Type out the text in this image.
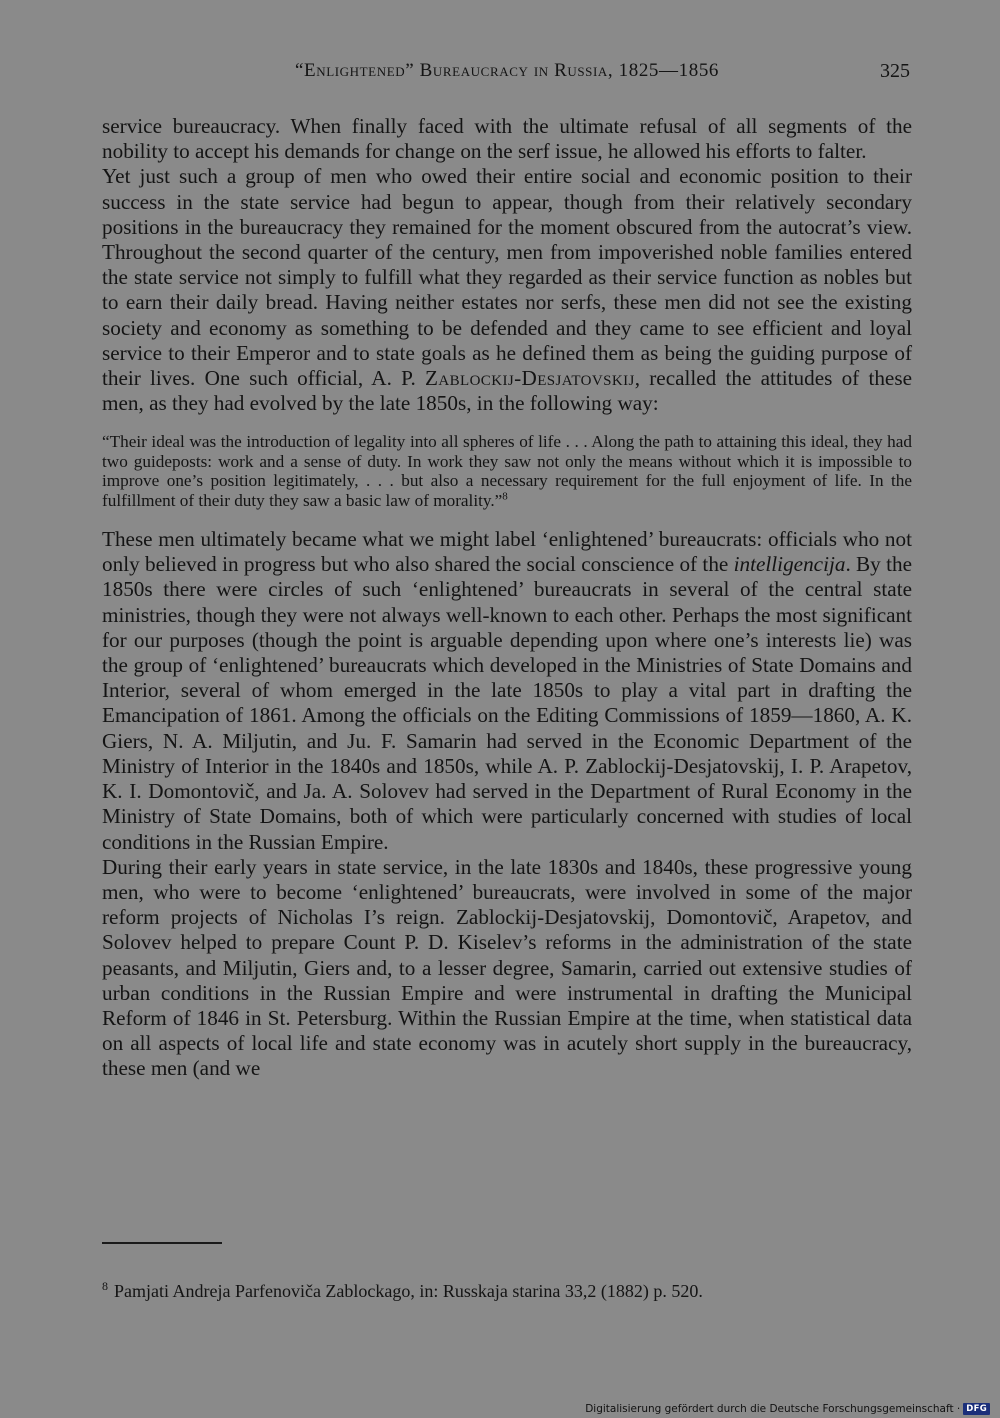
“Enlightened” Bureaucracy in Russia, 1825—1856	325

service bureaucracy. When finally faced with the ultimate refusal of all segments of the nobility to accept his demands for change on the serf issue, he allowed his efforts to falter.

Yet just such a group of men who owed their entire social and economic position to their success in the state service had begun to appear, though from their relatively secondary positions in the bureaucracy they remained for the moment obscured from the autocrat’s view. Throughout the second quarter of the century, men from impoverished noble families entered the state service not simply to fulfill what they regarded as their service function as nobles but to earn their daily bread. Having neither estates nor serfs, these men did not see the existing society and economy as something to be defended and they came to see efficient and loyal service to their Emperor and to state goals as he defined them as being the guiding purpose of their lives. One such official, A. P. Zablockij-Desjatovskij, recalled the attitudes of these men, as they had evolved by the late 1850s, in the following way:

“Their ideal was the introduction of legality into all spheres of life . . . Along the path to attaining this ideal, they had two guideposts: work and a sense of duty. In work they saw not only the means without which it is impossible to improve one’s position legitimately, . . . but also a necessary requirement for the full enjoyment of life. In the fulfillment of their duty they saw a basic law of morality.”$^8$

These men ultimately became what we might label ‘enlightened’ bureaucrats: officials who not only believed in progress but who also shared the social conscience of the intelligencija. By the 1850s there were circles of such ‘enlightened’ bureaucrats in several of the central state ministries, though they were not always well-known to each other. Perhaps the most significant for our purposes (though the point is arguable depending upon where one’s interests lie) was the group of ‘enlightened’ bureaucrats which developed in the Ministries of State Domains and Interior, several of whom emerged in the late 1850s to play a vital part in drafting the Emancipation of 1861. Among the officials on the Editing Commissions of 1859—1860, A. K. Giers, N. A. Miljutin, and Ju. F. Samarin had served in the Economic Department of the Ministry of Interior in the 1840s and 1850s, while A. P. Zablockij-Desjatovskij, I. P. Arapetov, K. I. Domontovič, and Ja. A. Solovev had served in the Department of Rural Economy in the Ministry of State Domains, both of which were particularly concerned with studies of local conditions in the Russian Empire.

During their early years in state service, in the late 1830s and 1840s, these progressive young men, who were to become ‘enlightened’ bureaucrats, were involved in some of the major reform projects of Nicholas I’s reign. Zablockij-Desjatovskij, Domontovič, Arapetov, and Solovev helped to prepare Count P. D. Kiselev’s reforms in the administration of the state peasants, and Miljutin, Giers and, to a lesser degree, Samarin, carried out extensive studies of urban conditions in the Russian Empire and were instrumental in drafting the Municipal Reform of 1846 in St. Petersburg. Within the Russian Empire at the time, when statistical data on all aspects of local life and state economy was in acutely short supply in the bureaucracy, these men (and we

$^8$ Pamjati Andreja Parfenoviča Zablockago, in: Russkaja starina 33,2 (1882) p. 520.
Digitalisierung gefördert durch die Deutsche Forschungsgemeinschaft · DFG
